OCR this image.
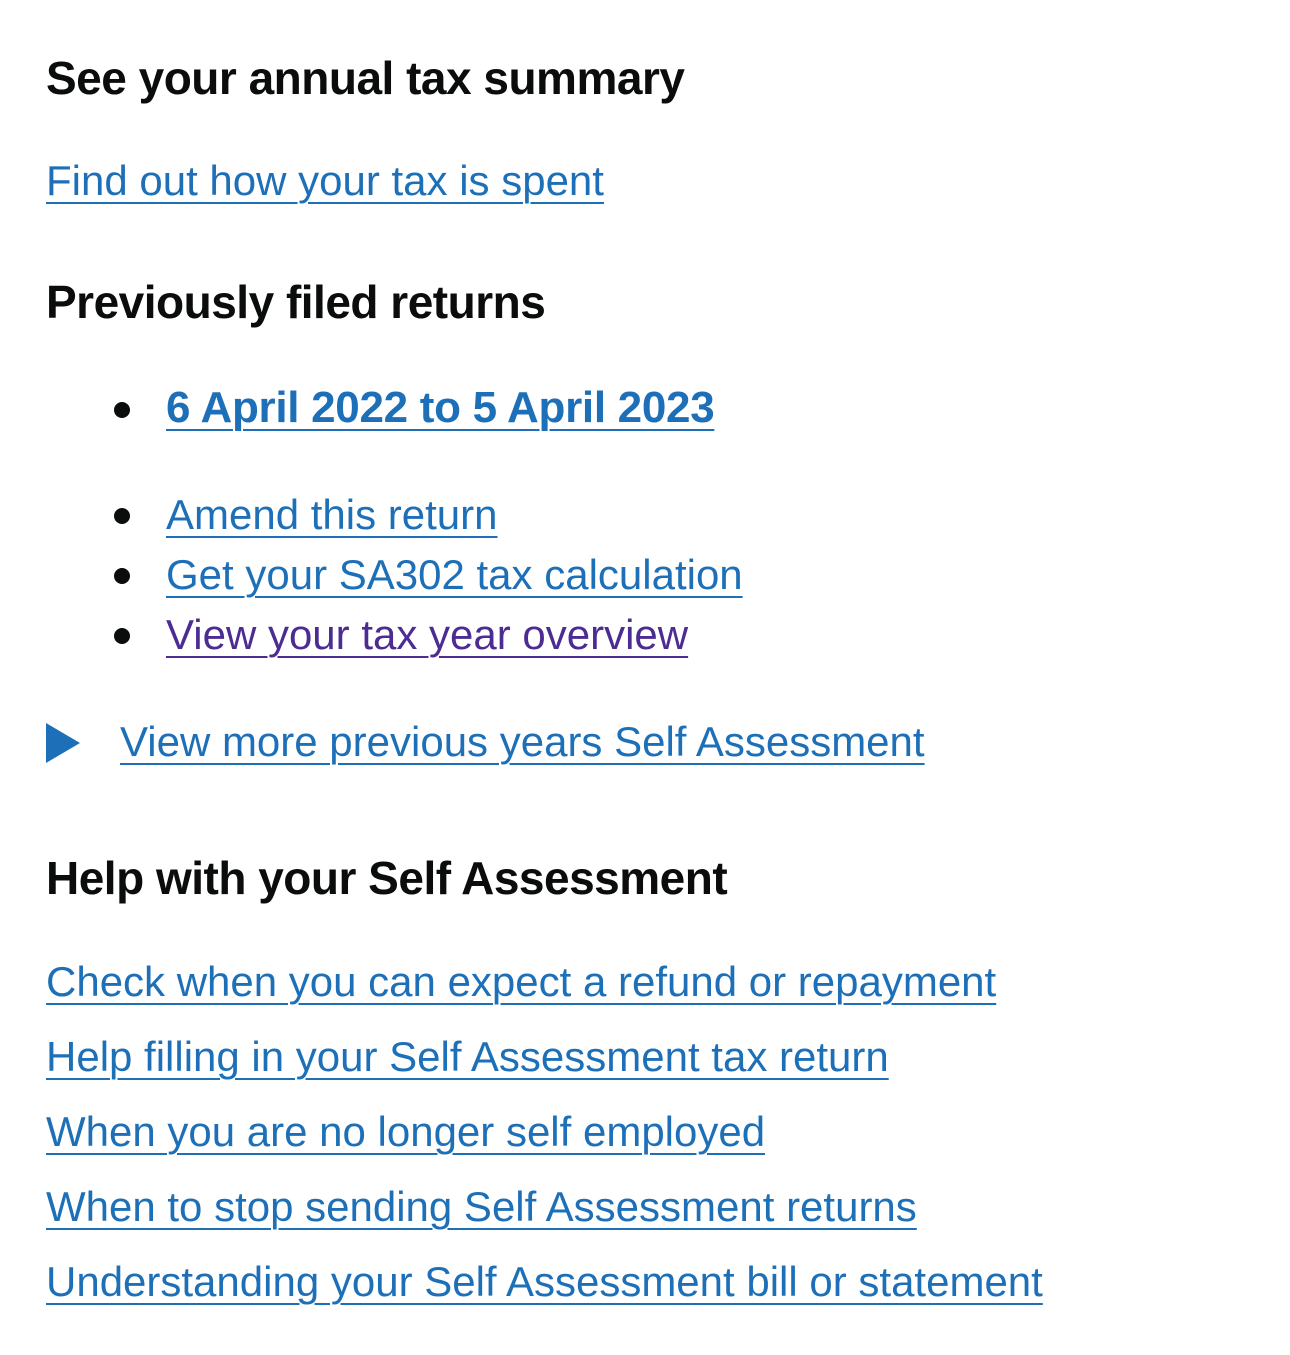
See your annual tax summary
Find out how your tax is spent
Previously filed returns
6 April 2022 to 5 April 2023
Amend this return
Get your SA302 tax calculation
View your tax year overview
View more previous years Self Assessment
Help with your Self Assessment
Check when you can expect a refund or repayment
Help filling in your Self Assessment tax return
When you are no longer self employed
When to stop sending Self Assessment returns
Understanding your Self Assessment bill or statement
